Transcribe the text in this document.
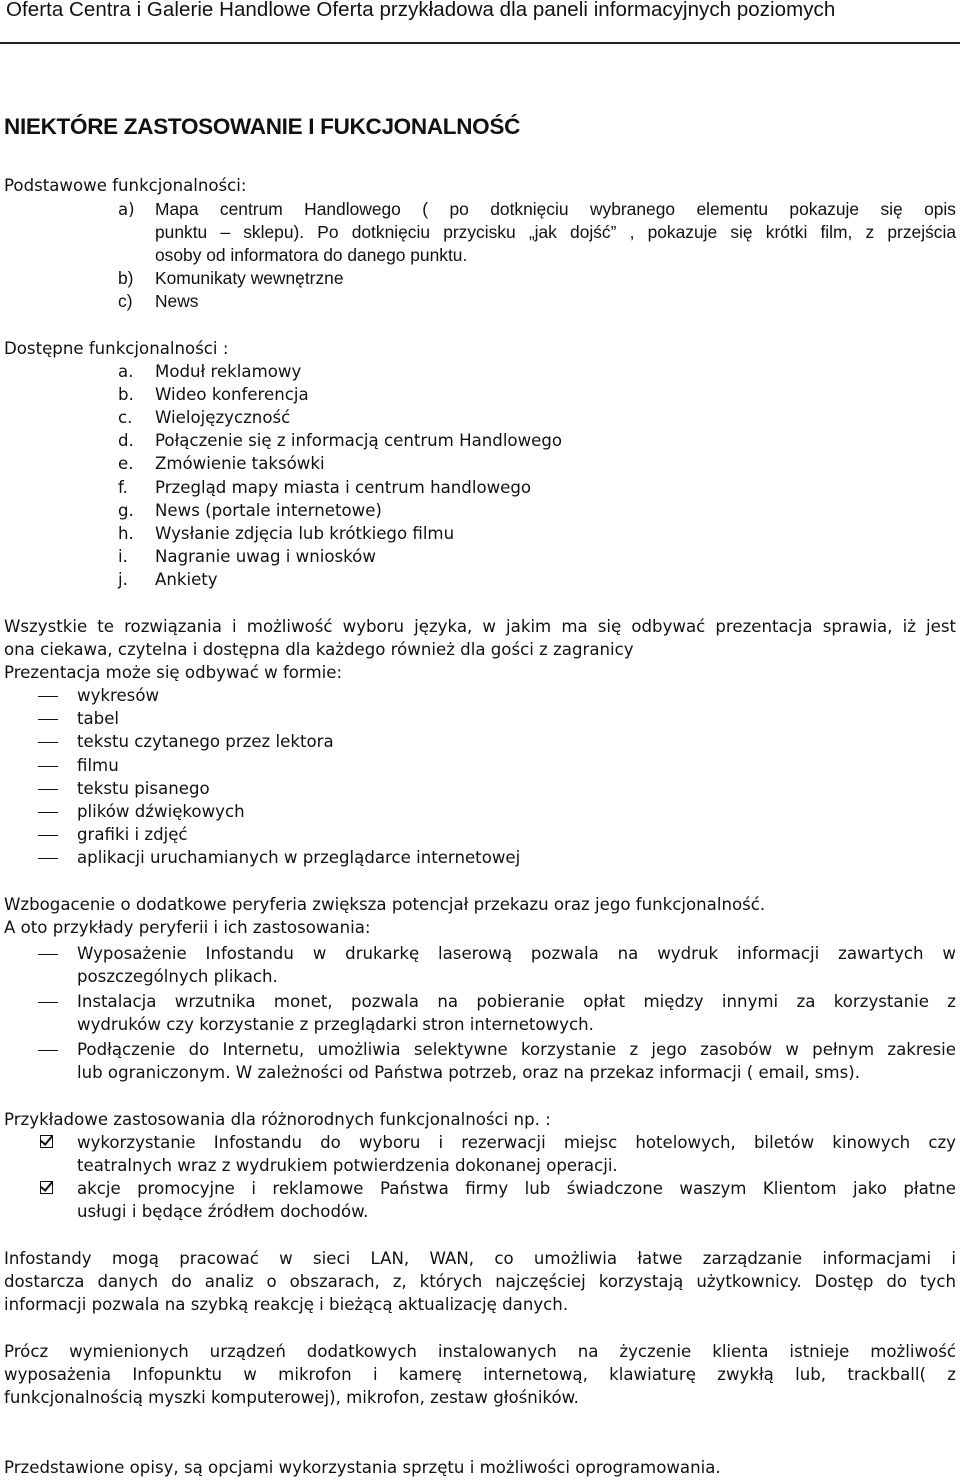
Oferta Centra i Galerie Handlowe Oferta przykładowa dla paneli informacyjnych poziomych
NIEKTÓRE ZASTOSOWANIE I FUKCJONALNOŚĆ
Podstawowe funkcjonalności:
a) Mapa centrum Handlowego ( po dotknięciu wybranego elementu pokazuje się opis
punktu – sklepu). Po dotknięciu przycisku „jak dojść” , pokazuje się krótki film, z przejścia
osoby od informatora do danego punktu.
b) Komunikaty wewnętrzne
c) News
Dostępne funkcjonalności :
a. Moduł reklamowy
b. Wideo konferencja
c. Wielojęzyczność
d. Połączenie się z informacją centrum Handlowego
e. Zmówienie taksówki
f. Przegląd mapy miasta i centrum handlowego
g. News (portale internetowe)
h. Wysłanie zdjęcia lub krótkiego filmu
i. Nagranie uwag i wniosków
j. Ankiety
Wszystkie te rozwiązania i możliwość wyboru języka, w jakim ma się odbywać prezentacja sprawia, iż jest
ona ciekawa, czytelna i dostępna dla każdego również dla gości z zagranicy
Prezentacja może się odbywać w formie:
wykresów
tabel
tekstu czytanego przez lektora
filmu
tekstu pisanego
plików dźwiękowych
grafiki i zdjęć
aplikacji uruchamianych w przeglądarce internetowej
Wzbogacenie o dodatkowe peryferia zwiększa potencjał przekazu oraz jego funkcjonalność.
A oto przykłady peryferii i ich zastosowania:
Wyposażenie Infostandu w drukarkę laserową pozwala na wydruk informacji zawartych w
poszczególnych plikach.
Instalacja wrzutnika monet, pozwala na pobieranie opłat między innymi za korzystanie z
wydruków czy korzystanie z przeglądarki stron internetowych.
Podłączenie do Internetu, umożliwia selektywne korzystanie z jego zasobów w pełnym zakresie
lub ograniczonym. W zależności od Państwa potrzeb, oraz na przekaz informacji ( email, sms).
Przykładowe zastosowania dla różnorodnych funkcjonalności np. :
wykorzystanie Infostandu do wyboru i rezerwacji miejsc hotelowych, biletów kinowych czy
teatralnych wraz z wydrukiem potwierdzenia dokonanej operacji.
akcje promocyjne i reklamowe Państwa firmy lub świadczone waszym Klientom jako płatne
usługi i będące źródłem dochodów.
Infostandy mogą pracować w sieci LAN, WAN, co umożliwia łatwe zarządzanie informacjami i
dostarcza danych do analiz o obszarach, z, których najczęściej korzystają użytkownicy. Dostęp do tych
informacji pozwala na szybką reakcję i bieżącą aktualizację danych.
Prócz wymienionych urządzeń dodatkowych instalowanych na życzenie klienta istnieje możliwość
wyposażenia Infopunktu w mikrofon i kamerę internetową, klawiaturę zwykłą lub, trackball( z
funkcjonalnością myszki komputerowej), mikrofon, zestaw głośników.
Przedstawione opisy, są opcjami wykorzystania sprzętu i możliwości oprogramowania.
